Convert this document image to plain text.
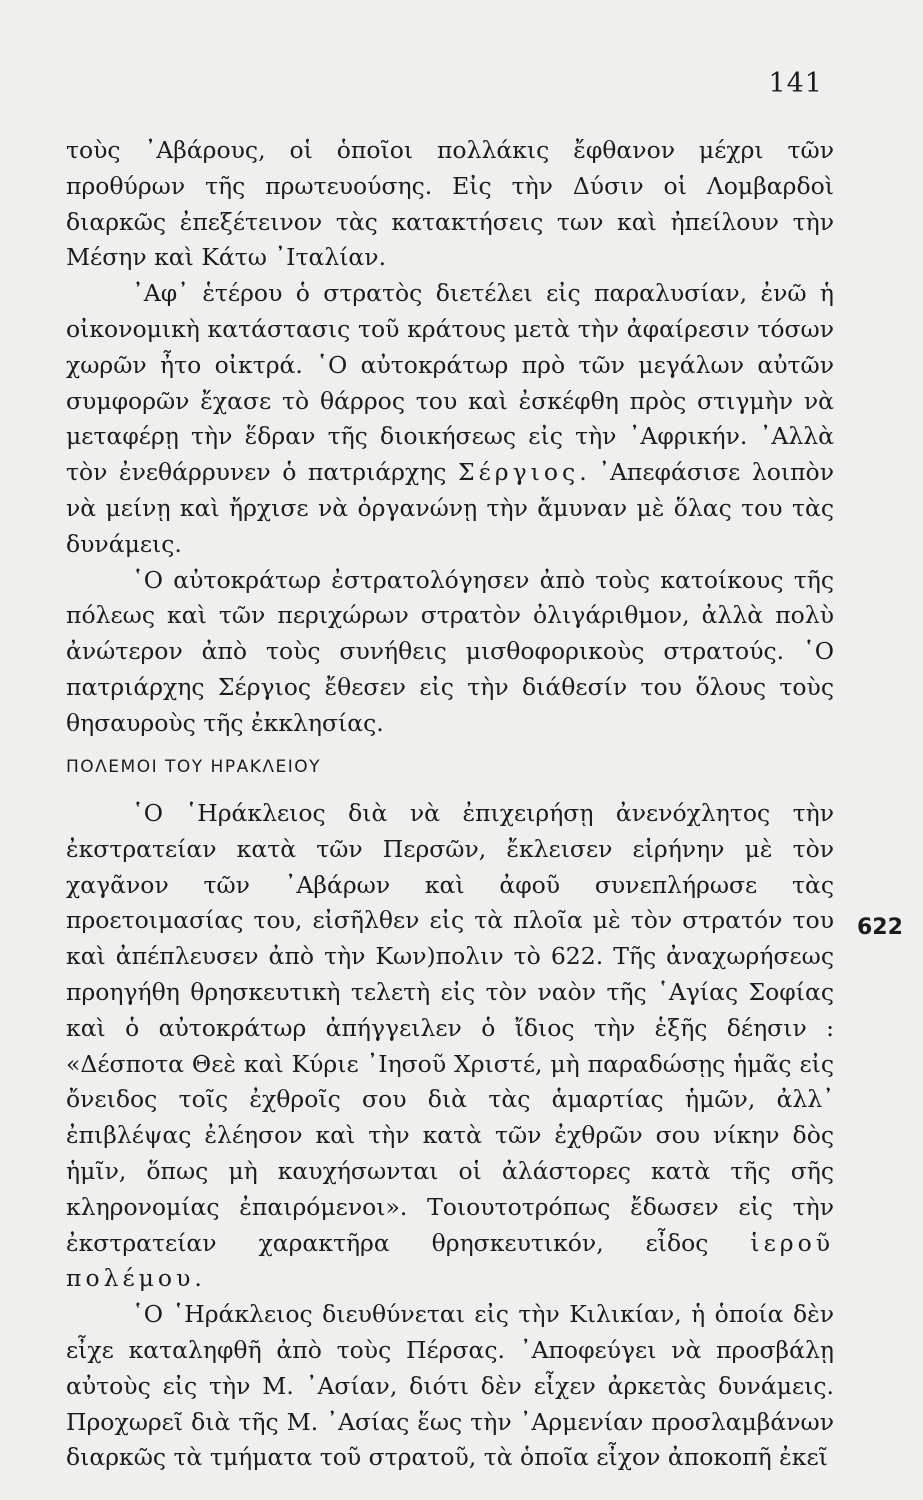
141

τοὺς ᾿Αβάρους, οἱ ὁποῖοι πολλάκις ἔφθανον μέχρι τῶν προθύρων τῆς πρωτευούσης. Εἰς τὴν Δύσιν οἱ Λομβαρδοὶ διαρκῶς ἐπεξέτεινον τὰς κατακτήσεις των καὶ ἠπείλουν τὴν Μέσην καὶ Κάτω ᾿Ιταλίαν.

᾿Αφ᾿ ἑτέρου ὁ στρατὸς διετέλει εἰς παραλυσίαν, ἐνῶ ἡ οἰκονομικὴ κατάστασις τοῦ κράτους μετὰ τὴν ἀφαίρεσιν τόσων χωρῶν ἦτο οἰκτρά. ῾Ο αὐτοκράτωρ πρὸ τῶν μεγάλων αὐτῶν συμφορῶν ἔχασε τὸ θάρρος του καὶ ἐσκέφθη πρὸς στιγμὴν νὰ μεταφέρῃ τὴν ἕδραν τῆς διοικήσεως εἰς τὴν ᾿Αφρικήν. ᾿Αλλὰ τὸν ἐνεθάρρυνεν ὁ πατριάρχης Σέργιος. ᾿Απεφάσισε λοιπὸν νὰ μείνῃ καὶ ἤρχισε νὰ ὀργανώνῃ τὴν ἄμυναν μὲ ὅλας του τὰς δυνάμεις.

῾Ο αὐτοκράτωρ ἐστρατολόγησεν ἀπὸ τοὺς κατοίκους τῆς πόλεως καὶ τῶν περιχώρων στρατὸν ὀλιγάριθμον, ἀλλὰ πολὺ ἀνώτερον ἀπὸ τοὺς συνήθεις μισθοφορικοὺς στρατούς. ῾Ο πατριάρχης Σέργιος ἔθεσεν εἰς τὴν διάθεσίν του ὅλους τοὺς θησαυροὺς τῆς ἐκκλησίας.

ΠΟΛΕΜΟΙ ΤΟΥ ΗΡΑΚΛΕΙΟΥ

῾Ο ῾Ηράκλειος διὰ νὰ ἐπιχειρήσῃ ἀνενόχλητος τὴν ἐκστρατείαν κατὰ τῶν Περσῶν, ἔκλεισεν εἰρήνην μὲ τὸν χαγᾶνον τῶν ᾿Αβάρων καὶ ἀφοῦ συνεπλήρωσε τὰς προετοιμασίας του, εἰσῆλθεν εἰς τὰ πλοῖα μὲ τὸν στρατόν του καὶ ἀπέπλευσεν ἀπὸ τὴν Κων)πολιν τὸ 622. Τῆς ἀναχωρήσεως προηγήθη θρησκευτικὴ τελετὴ εἰς τὸν ναὸν τῆς ῾Αγίας Σοφίας καὶ ὁ αὐτοκράτωρ ἀπήγγειλεν ὁ ἴδιος τὴν ἑξῆς δέησιν : «Δέσποτα Θεὲ καὶ Κύριε ᾿Ιησοῦ Χριστέ, μὴ παραδώσῃς ἡμᾶς εἰς ὄνειδος τοῖς ἐχθροῖς σου διὰ τὰς ἁμαρτίας ἡμῶν, ἀλλ᾿ ἐπιβλέψας ἐλέησον καὶ τὴν κατὰ τῶν ἐχθρῶν σου νίκην δὸς ἡμῖν, ὅπως μὴ καυχήσωνται οἱ ἀλάστορες κατὰ τῆς σῆς κληρονομίας ἐπαιρόμενοι». Τοιουτοτρόπως ἔδωσεν εἰς τὴν ἐκστρατείαν χαρακτῆρα θρησκευτικόν, εἶδος ἱεροῦ πολέμου.

῾Ο ῾Ηράκλειος διευθύνεται εἰς τὴν Κιλικίαν, ἡ ὁποία δὲν εἶχε καταληφθῆ ἀπὸ τοὺς Πέρσας. ᾿Αποφεύγει νὰ προσβάλῃ αὐτοὺς εἰς τὴν Μ. ᾿Ασίαν, διότι δὲν εἶχεν ἀρκετὰς δυνάμεις. Προχωρεῖ διὰ τῆς Μ. ᾿Ασίας ἕως τὴν ᾿Αρμενίαν προσλαμβάνων διαρκῶς τὰ τμήματα τοῦ στρατοῦ, τὰ ὁποῖα εἶχον ἀποκοπῆ ἐκεῖ

622
